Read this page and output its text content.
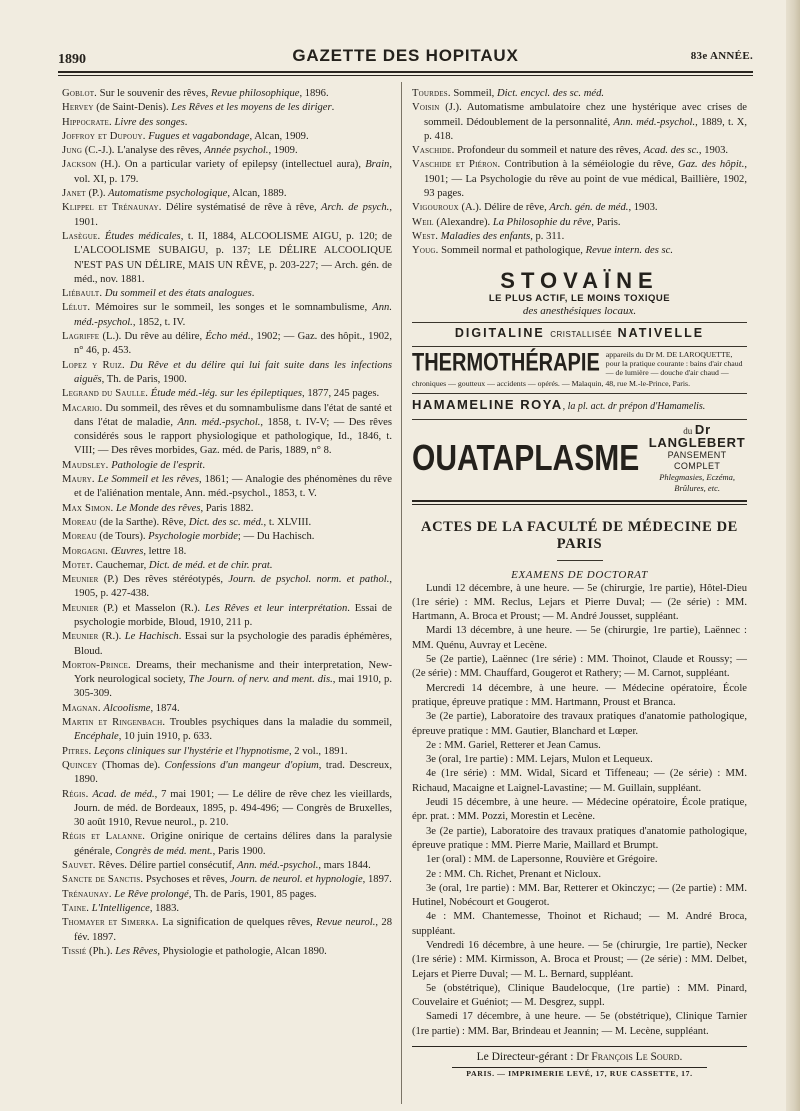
1890	GAZETTE DES HOPITAUX	83e ANNÉE.

Goblot. Sur le souvenir des rêves, Revue philosophique, 1896.

Hervey (de Saint-Denis). Les Rêves et les moyens de les diriger.

Hippocrate. Livre des songes.

Joffroy et Dupouy. Fugues et vagabondage, Alcan, 1909.

Jung (C.-J.). L'analyse des rêves, Année psychol., 1909.

Jackson (H.). On a particular variety of epilepsy (intellectuel aura), Brain, vol. XI, p. 179.

Janet (P.). Automatisme psychologique, Alcan, 1889.

Klippel et Trénaunay. Délire systématisé de rêve à rêve, Arch. de psych., 1901.

Lasègue. Études médicales, t. II, 1884, ALCOOLISME AIGU, p. 120; de L'ALCOOLISME SUBAIGU, p. 137; LE DÉLIRE ALCOOLIQUE N'EST PAS UN DÉLIRE, MAIS UN RÊVE, p. 203-227; — Arch. gén. de méd., nov. 1881.

Liébault. Du sommeil et des états analogues.

Lélut. Mémoires sur le sommeil, les songes et le somnambulisme, Ann. méd.-psychol., 1852, t. IV.

Lagriffe (L.). Du rêve au délire, Écho méd., 1902; — Gaz. des hôpit., 1902, n° 46, p. 453.

Lopez y Ruiz. Du Rêve et du délire qui lui fait suite dans les infections aiguës, Th. de Paris, 1900.

Legrand du Saulle. Étude méd.-lég. sur les épileptiques, 1877, 245 pages.

Macario. Du sommeil, des rêves et du somnambulisme dans l'état de santé et dans l'état de maladie, Ann. méd.-psychol., 1858, t. IV-V; — Des rêves considérés sous le rapport physiologique et pathologique, Id., 1846, t. VIII; — Des rêves morbides, Gaz. méd. de Paris, 1889, n° 8.

Maudsley. Pathologie de l'esprit.

Maury. Le Sommeil et les rêves, 1861; — Analogie des phénomènes du rêve et de l'aliénation mentale, Ann. méd.-psychol., 1853, t. V.

Max Simon. Le Monde des rêves, Paris 1882.

Moreau (de la Sarthe). Rêve, Dict. des sc. méd., t. XLVIII.

Moreau (de Tours). Psychologie morbide; — Du Hachisch.

Morgagni. Œuvres, lettre 18.

Motet. Cauchemar, Dict. de méd. et de chir. prat.

Meunier (P.) Des rêves stéréotypés, Journ. de psychol. norm. et pathol., 1905, p. 427-438.

Meunier (P.) et Masselon (R.). Les Rêves et leur interprétation. Essai de psychologie morbide, Bloud, 1910, 211 p.

Meunier (R.). Le Hachisch. Essai sur la psychologie des paradis éphémères, Bloud.

Morton-Prince. Dreams, their mechanisme and their interpretation, New-York neurological society, The Journ. of nerv. and ment. dis., mai 1910, p. 305-309.

Magnan. Alcoolisme, 1874.

Martin et Ringenbach. Troubles psychiques dans la maladie du sommeil, Encéphale, 10 juin 1910, p. 633.

Pitres. Leçons cliniques sur l'hystérie et l'hypnotisme, 2 vol., 1891.

Quincey (Thomas de). Confessions d'un mangeur d'opium, trad. Descreux, 1890.

Régis. Acad. de méd., 7 mai 1901; — Le délire de rêve chez les vieillards, Journ. de méd. de Bordeaux, 1895, p. 494-496; — Congrès de Bruxelles, 30 août 1910, Revue neurol., p. 210.

Régis et Lalanne. Origine onirique de certains délires dans la paralysie générale, Congrès de méd. ment., Paris 1900.

Sauvet. Rêves. Délire partiel consécutif, Ann. méd.-psychol., mars 1844.

Sancte de Sanctis. Psychoses et rêves, Journ. de neurol. et hypnologie, 1897.

Trénaunay. Le Rêve prolongé, Th. de Paris, 1901, 85 pages.

Taine. L'Intelligence, 1883.

Thomayer et Simerka. La signification de quelques rêves, Revue neurol., 28 fév. 1897.

Tissié (Ph.). Les Rêves, Physiologie et pathologie, Alcan 1890.

Tourdes. Sommeil, Dict. encycl. des sc. méd.

Voisin (J.). Automatisme ambulatoire chez une hystérique avec crises de sommeil. Dédoublement de la personnalité, Ann. méd.-psychol., 1889, t. X, p. 418.

Vaschide. Profondeur du sommeil et nature des rêves, Acad. des sc., 1903.

Vaschide et Piéron. Contribution à la séméiologie du rêve, Gaz. des hôpit., 1901; — La Psychologie du rêve au point de vue médical, Baillière, 1902, 93 pages.

Vigouroux (A.). Délire de rêve, Arch. gén. de méd., 1903.

Weil (Alexandre). La Philosophie du rêve, Paris.

West. Maladies des enfants, p. 311.

Youg. Sommeil normal et pathologique, Revue intern. des sc.

STOVAÏNE
LE PLUS ACTIF, LE MOINS TOXIQUE
des anesthésiques locaux.
DIGITALINE CRISTALLISÉE NATIVELLE
THERMOTHÉRAPIE appareils du Dr M. DE LAROQUETTE, pour la pratique courante : bains d'air chaud — de lumière — douche d'air chaud —
chroniques — goutteux — accidents — opérés. — Malaquin, 48, rue M.-le-Prince, Paris.
HAMAMELINE ROYA, la pl. act. dr prépon d'Hamamelis.
OUATAPLASME
du Dr LANGLEBERT
PANSEMENT COMPLET
Phlegmasies, Eczéma, Brûlures, etc.
ACTES DE LA FACULTÉ DE MÉDECINE DE PARIS
EXAMENS DE DOCTORAT

Lundi 12 décembre, à une heure. — 5e (chirurgie, 1re partie), Hôtel-Dieu (1re série) : MM. Reclus, Lejars et Pierre Duval; — (2e série) : MM. Hartmann, A. Broca et Proust; — M. André Jousset, suppléant.

Mardi 13 décembre, à une heure. — 5e (chirurgie, 1re partie), Laënnec : MM. Quénu, Auvray et Lecène.

5e (2e partie), Laënnec (1re série) : MM. Thoinot, Claude et Roussy; — (2e série) : MM. Chauffard, Gougerot et Rathery; — M. Carnot, suppléant.

Mercredi 14 décembre, à une heure. — Médecine opératoire, École pratique, épreuve pratique : MM. Hartmann, Proust et Branca.

3e (2e partie), Laboratoire des travaux pratiques d'anatomie pathologique, épreuve pratique : MM. Gautier, Blanchard et Lœper.

2e : MM. Gariel, Retterer et Jean Camus.

3e (oral, 1re partie) : MM. Lejars, Mulon et Lequeux.

4e (1re série) : MM. Widal, Sicard et Tiffeneau; — (2e série) : MM. Richaud, Macaigne et Laignel-Lavastine; — M. Guillain, suppléant.

Jeudi 15 décembre, à une heure. — Médecine opératoire, École pratique, épr. prat. : MM. Pozzi, Morestin et Lecène.

3e (2e partie), Laboratoire des travaux pratiques d'anatomie pathologique, épreuve pratique : MM. Pierre Marie, Maillard et Brumpt.

1er (oral) : MM. de Lapersonne, Rouvière et Grégoire.

2e : MM. Ch. Richet, Prenant et Nicloux.

3e (oral, 1re partie) : MM. Bar, Retterer et Okinczyc; — (2e partie) : MM. Hutinel, Nobécourt et Gougerot.

4e : MM. Chantemesse, Thoinot et Richaud; — M. André Broca, suppléant.

Vendredi 16 décembre, à une heure. — 5e (chirurgie, 1re partie), Necker (1re série) : MM. Kirmisson, A. Broca et Proust; — (2e série) : MM. Delbet, Lejars et Pierre Duval; — M. L. Bernard, suppléant.

5e (obstétrique), Clinique Baudelocque, (1re partie) : MM. Pinard, Couvelaire et Guéniot; — M. Desgrez, suppl.

Samedi 17 décembre, à une heure. — 5e (obstétrique), Clinique Tarnier (1re partie) : MM. Bar, Brindeau et Jeannin; — M. Lecène, suppléant.

Le Directeur-gérant : Dr François Le Sourd.
PARIS. — IMPRIMERIE LEVÉ, 17, RUE CASSETTE, 17.
